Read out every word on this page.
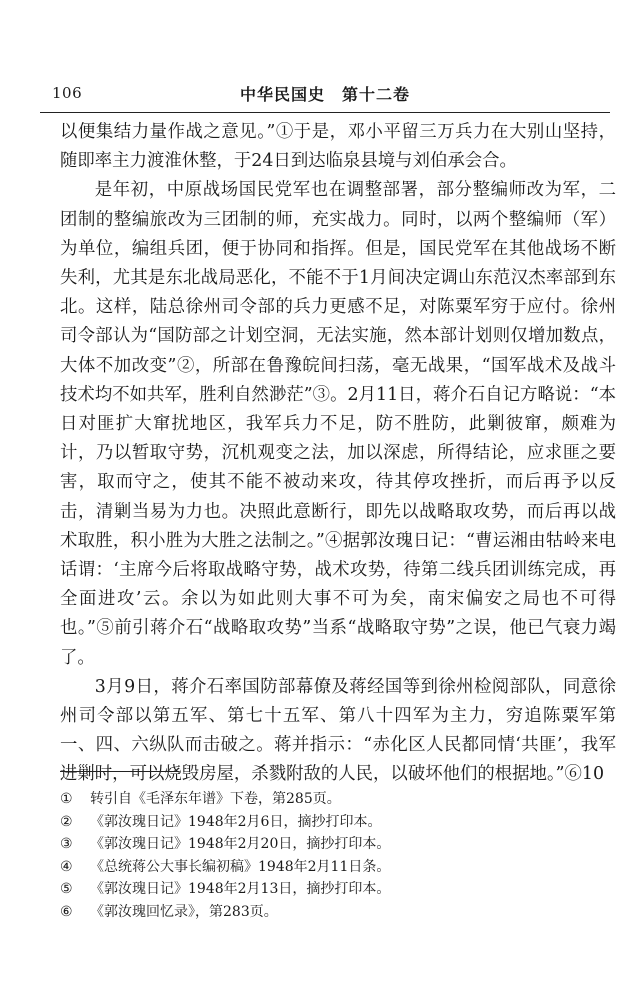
106	中华民国史　第十二卷

以便集结力量作战之意见。”①于是，邓小平留三万兵力在大别山坚持，随即率主力渡淮休整，于24日到达临泉县境与刘伯承会合。

是年初，中原战场国民党军也在调整部署，部分整编师改为军，二团制的整编旅改为三团制的师，充实战力。同时，以两个整编师（军）为单位，编组兵团，便于协同和指挥。但是，国民党军在其他战场不断失利，尤其是东北战局恶化，不能不于1月间决定调山东范汉杰率部到东北。这样，陆总徐州司令部的兵力更感不足，对陈粟军穷于应付。徐州司令部认为“国防部之计划空洞，无法实施，然本部计划则仅增加数点，大体不加改变”②，所部在鲁豫皖间扫荡，毫无战果，“国军战术及战斗技术均不如共军，胜利自然渺茫”③。2月11日，蒋介石自记方略说：“本日对匪扩大窜扰地区，我军兵力不足，防不胜防，此剿彼窜，颇难为计，乃以暂取守势，沉机观变之法，加以深虑，所得结论，应求匪之要害，取而守之，使其不能不被动来攻，待其停攻挫折，而后再予以反击，清剿当易为力也。决照此意断行，即先以战略取攻势，而后再以战术取胜，积小胜为大胜之法制之。”④据郭汝瑰日记：“曹运湘由牯岭来电话谓：‘主席今后将取战略守势，战术攻势，待第二线兵团训练完成，再全面进攻’云。余以为如此则大事不可为矣，南宋偏安之局也不可得也。”⑤前引蒋介石“战略取攻势”当系“战略取守势”之误，他已气衰力竭了。

3月9日，蒋介石率国防部幕僚及蒋经国等到徐州检阅部队，同意徐州司令部以第五军、第七十五军、第八十四军为主力，穷追陈粟军第一、四、六纵队而击破之。蒋并指示：“赤化区人民都同情‘共匪’，我军进剿时，可以烧毁房屋，杀戮附敌的人民，以破坏他们的根据地。”⑥10

①	转引自《毛泽东年谱》下卷，第285页。
②	《郭汝瑰日记》1948年2月6日，摘抄打印本。
③	《郭汝瑰日记》1948年2月20日，摘抄打印本。
④	《总统蒋公大事长编初稿》1948年2月11日条。
⑤	《郭汝瑰日记》1948年2月13日，摘抄打印本。
⑥	《郭汝瑰回忆录》，第283页。
